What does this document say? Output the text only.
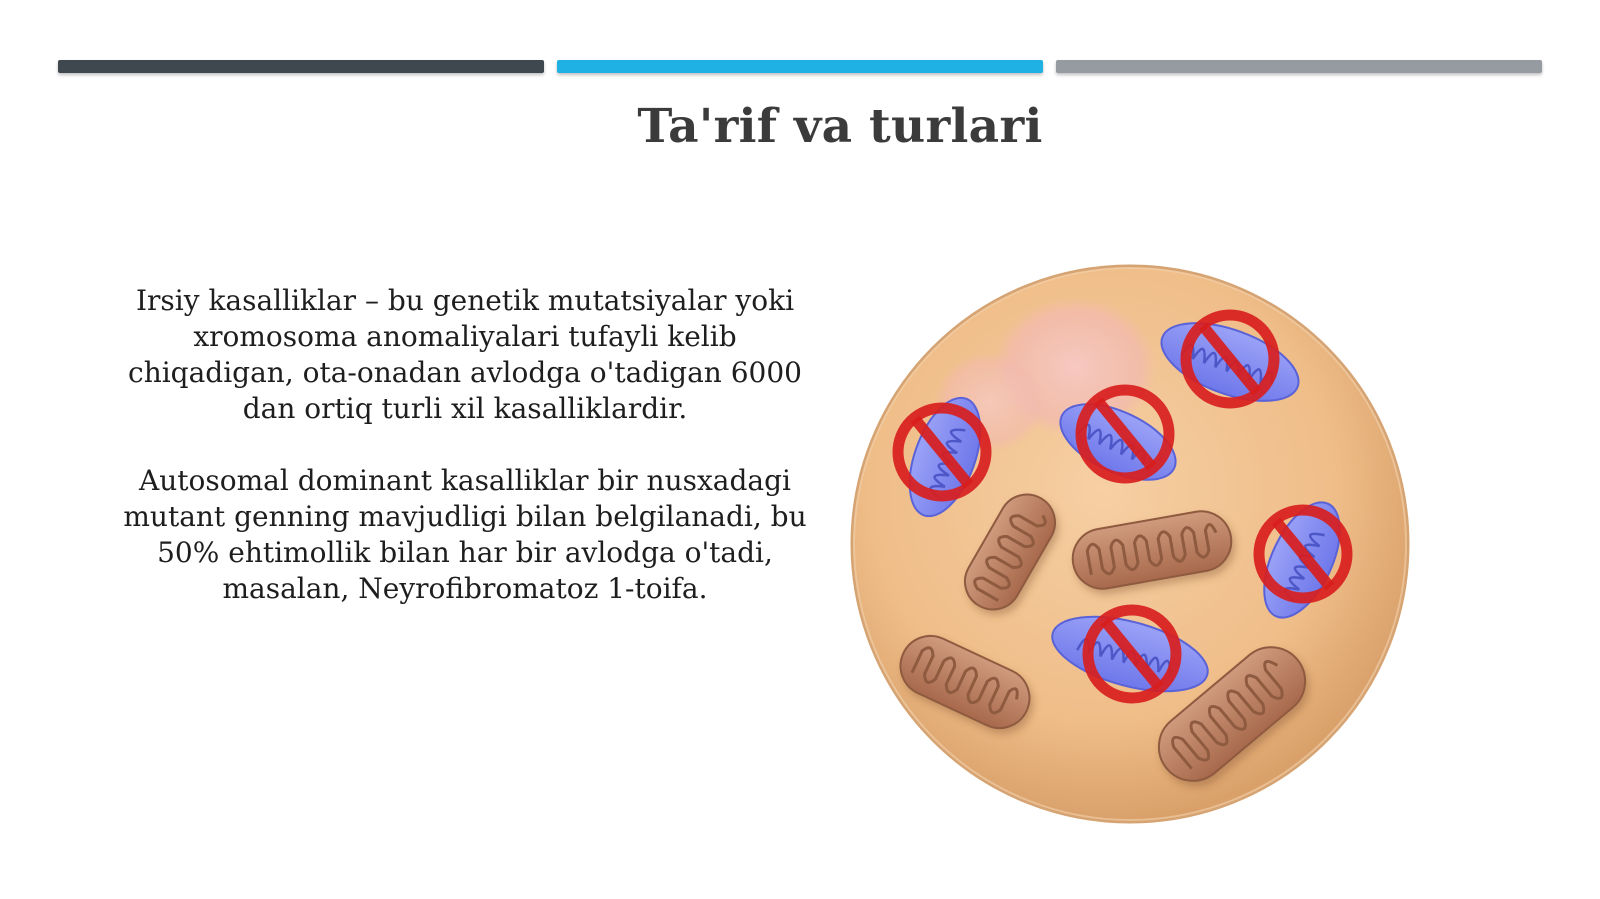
Ta'rif va turlari

Irsiy kasalliklar – bu genetik mutatsiyalar yoki xromosoma anomaliyalari tufayli kelib chiqadigan, ota-onadan avlodga o'tadigan 6000 dan ortiq turli xil kasalliklardir.

Autosomal dominant kasalliklar bir nusxadagi mutant genning mavjudligi bilan belgilanadi, bu 50% ehtimollik bilan har bir avlodga o'tadi, masalan, Neyrofibromatoz 1-toifa.
